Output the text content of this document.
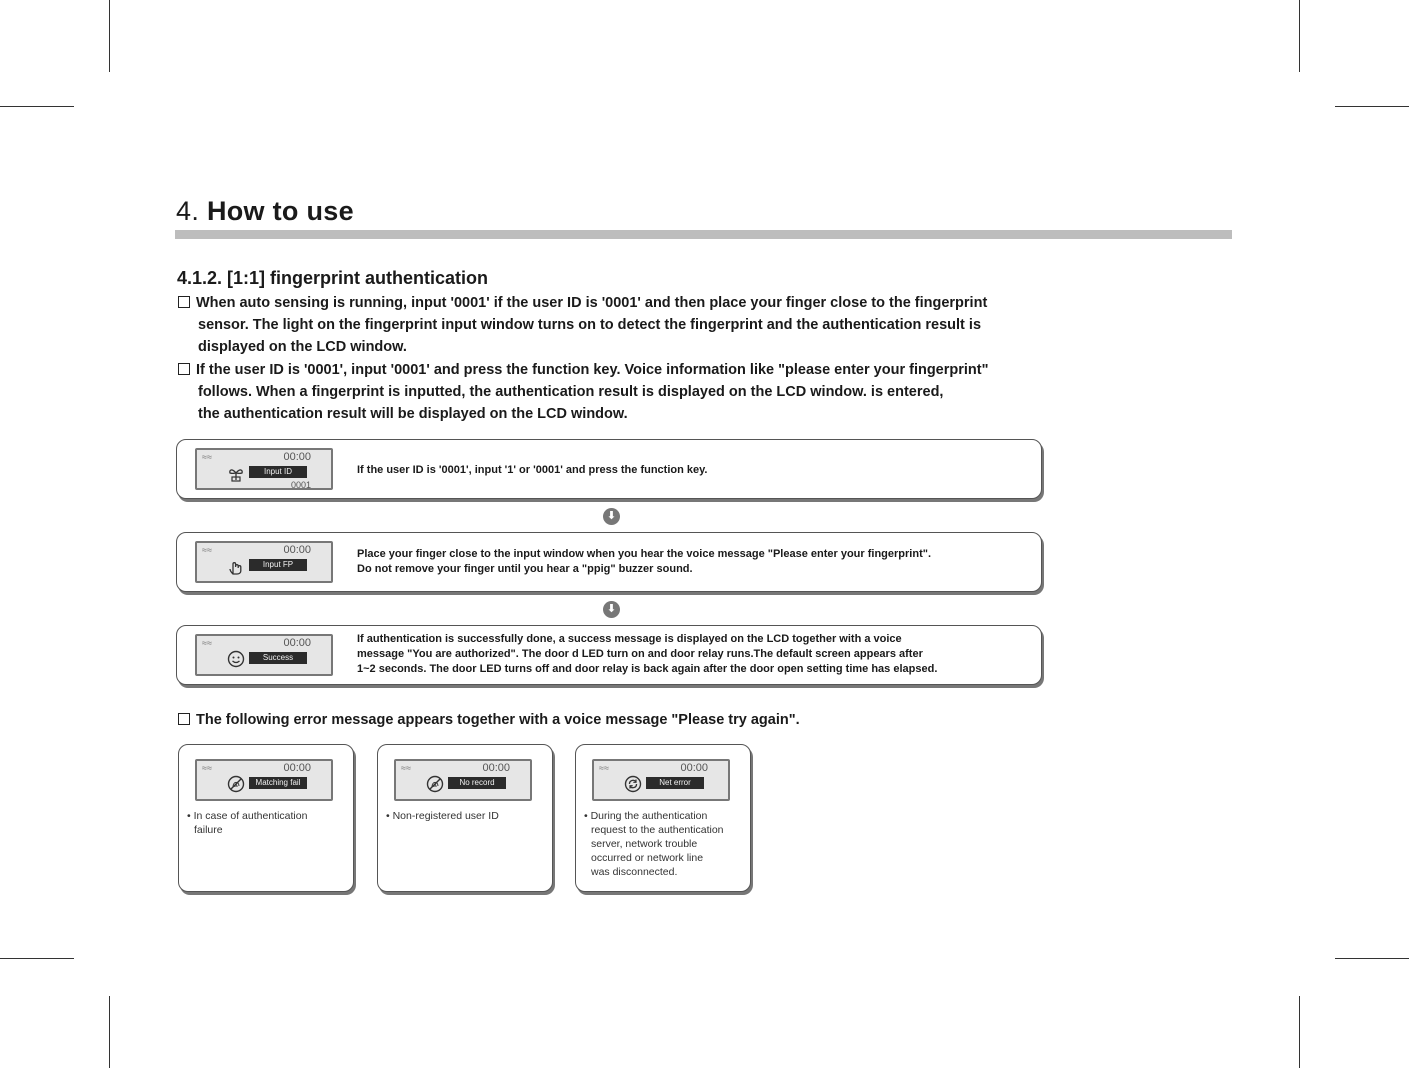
4. How to use
4.1.2. [1:1] fingerprint authentication
When auto sensing is running, input '0001' if the user ID is '0001' and then place your finger close to the fingerprint
sensor. The light on the fingerprint input window turns on to detect the fingerprint and the authentication result is
displayed on the LCD window.
If the user ID is '0001', input '0001' and press the function key. Voice information like "please enter your fingerprint"
follows. When a fingerprint is inputted, the authentication result is displayed on the LCD window. is entered,
the authentication result will be displayed on the LCD window.
≈≈	00:00
Input ID
0001
If the user ID is '0001', input '1' or '0001' and press the function key.
⬇
≈≈	00:00
Input FP
Place your finger close to the input window when you hear the voice message "Please enter your fingerprint".
Do not remove your finger until you hear a "ppig" buzzer sound.
⬇
≈≈	00:00
Success
If authentication is successfully done, a success message is displayed on the LCD together with a voice
message "You are authorized". The door d LED turn on and door relay runs.The default screen appears after
1~2 seconds. The door LED turns off and door relay is back again after the door open setting time has elapsed.
The following error message appears together with a voice message "Please try again".
≈≈	00:00
Matching fail
• In case of authentication
failure
≈≈	00:00
No record
• Non-registered user ID
≈≈	00:00
Net error
• During the authentication
request to the authentication
server, network trouble
occurred or network line
was disconnected.
